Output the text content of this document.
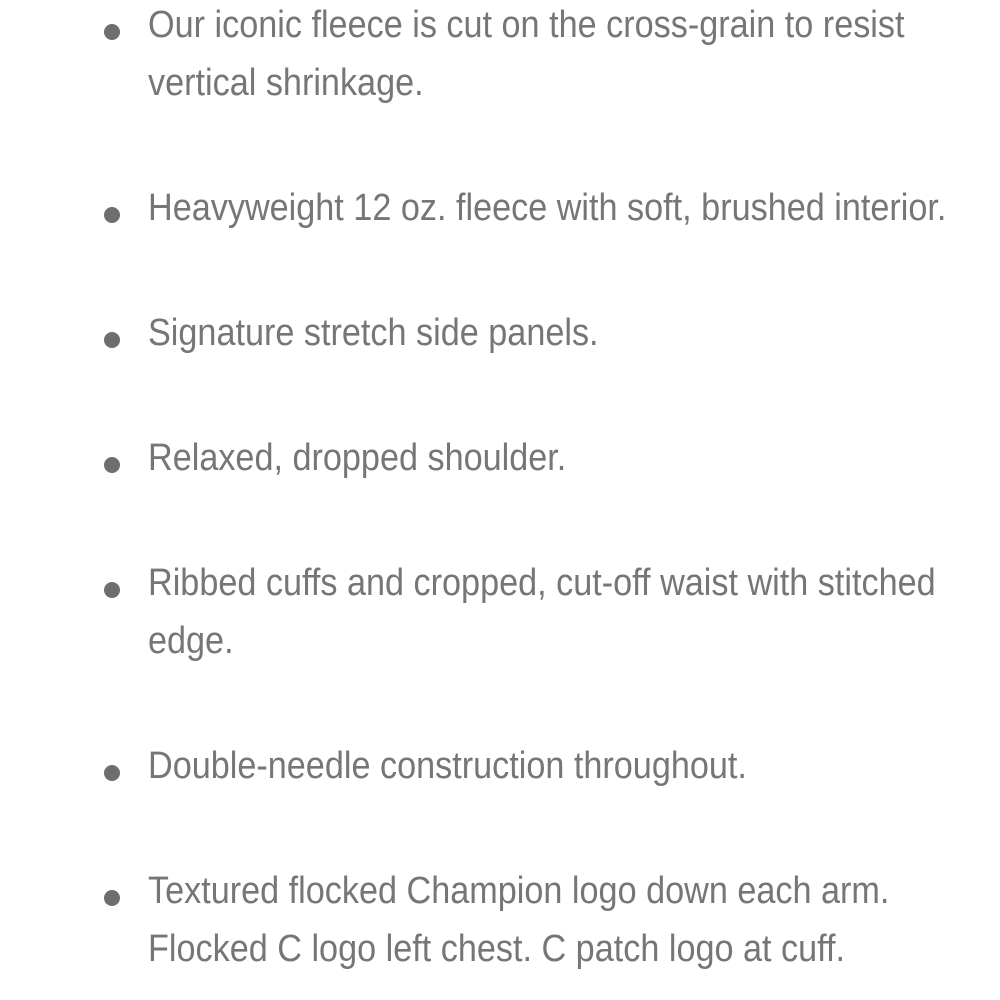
Our iconic fleece is cut on the cross-grain to resist
vertical shrinkage.
Heavyweight 12 oz. fleece with soft, brushed interior.
Signature stretch side panels.
Relaxed, dropped shoulder.
Ribbed cuffs and cropped, cut-off waist with stitched
edge.
Double-needle construction throughout.
Textured flocked Champion logo down each arm.
Flocked C logo left chest. C patch logo at cuff.
